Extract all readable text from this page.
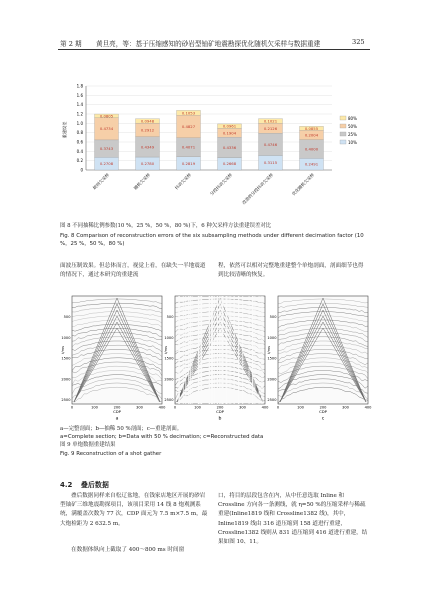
第 2 期 黄旦亮，等：基于压缩感知的砂岩型铀矿地震勘探优化随机欠采样与数据重建	325
重建误差
0
0.2
0.4
0.6
0.8
1.0
1.2
1.4
1.6
1.8
0.2708
0.3743
0.4734
0.0805
规则欠采样
0.2780
0.4349
0.2912
0.0948
随机欠采样
0.2819
0.4071
0.4827
0.1053
抖动欠采样
0.2668
0.4336
0.1904
0.0961
分段抖动欠采样
0.3115
0.4746
0.2126
0.1021
改进的分段抖动欠采样
0.2491
0.4000
0.2004
0.0855
优化随机欠采样
80%
50%
25%
10%
图 8 不同抽稀比例参数(10 %，25 %，50 %，80 %)下，6 种欠采样方法重建误差对比
Fig. 8 Comparison of reconstruction errors of the six subsampling methods under different decimation factor (10 %，25 %，50 %，80 %)
面波压制效果。但总体而言，视觉上看，在缺失一半地震道的情况下，通过本研究的重建流
程，依然可以相对完整地重建整个单炮剖面，剖面细节也得到比较清晰的恢复。
500
1000
1500
2000
2500
t/ms
0	100	200	300	400
CDP
a
500
1000
1500
2000
2500
t/ms
0	100	200	300	400
CDP
b
500
1000
1500
2000
2500
t/ms
0	100	200	300	400
CDP
c
a—完整剖面；b—抽稀 50 %剖面；c—重建剖面。
a=Complete section; b=Data with 50 % decimation; c=Reconstructed data
图 9 单炮数据重建结果
Fig. 9 Reconstruction of a shot gather
4.2 叠后数据
叠后数据同样来自松辽盆地，在钱家店地区开展的砂岩型铀矿三维地震勘探项目，该项目采用 14 线 8 炮观测系统，满覆盖次数为 77 次，CDP 面元为 7.5 m×7.5 m，最大炮检距为 2 632.5 m。
在数据体纵向上截取了 400～800 ms 时间窗
口，将目的层段包含在内，从中任意选取 Inline 和 Crossline 方向各一条测线，就 η=50 %的压缩采样与稀疏重建(Inline1819 线和 Crossline1382 线)，其中，Inline1819 线由 316 道压缩到 158 道进行重建，Crossline1382 线则从 831 道压缩到 416 道进行重建，结果如图 10、11。
